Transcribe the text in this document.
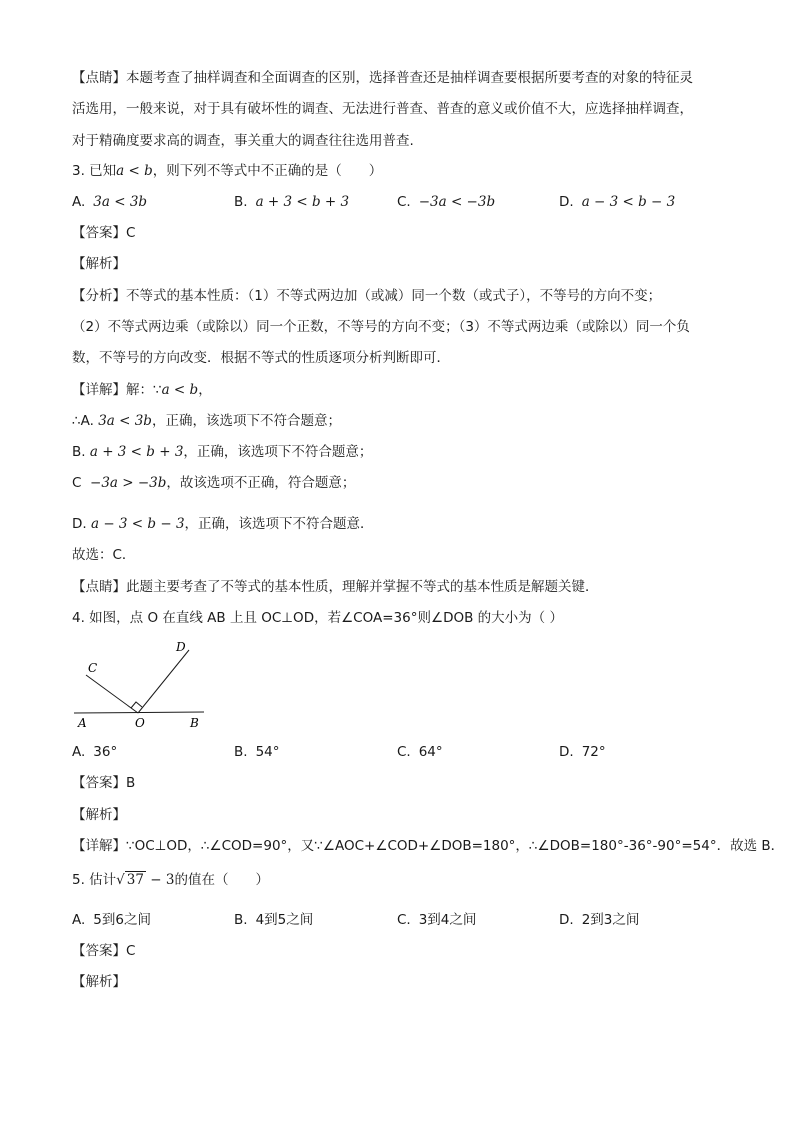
【点睛】本题考查了抽样调查和全面调查的区别，选择普查还是抽样调查要根据所要考查的对象的特征灵
活选用，一般来说，对于具有破坏性的调查、无法进行普查、普查的意义或价值不大，应选择抽样调查，
对于精确度要求高的调查，事关重大的调查往往选用普查.
3. 已知a < b，则下列不等式中不正确的是（　　）
A. 3a < 3b	B. a + 3 < b + 3	C. −3a < −3b	D. a − 3 < b − 3
【答案】C
【解析】
【分析】不等式的基本性质：（1）不等式两边加（或减）同一个数（或式子），不等号的方向不变；
（2）不等式两边乘（或除以）同一个正数，不等号的方向不变；（3）不等式两边乘（或除以）同一个负
数，不等号的方向改变．根据不等式的性质逐项分析判断即可．
【详解】解：∵a < b，
∴A. 3a < 3b，正确，该选项下不符合题意；
B. a + 3 < b + 3，正确，该选项下不符合题意；
C −3a > −3b，故该选项不正确，符合题意；
D. a − 3 < b − 3，正确，该选项下不符合题意．
故选：C．
【点睛】此题主要考查了不等式的基本性质，理解并掌握不等式的基本性质是解题关键．
4. 如图，点 O 在直线 AB 上且 OC⊥OD，若∠COA=36°则∠DOB 的大小为（ ）
A	O	B
C
D
A. 36°	B. 54°	C. 64°	D. 72°
【答案】B
【解析】
【详解】∵OC⊥OD，∴∠COD=90°，又∵∠AOC+∠COD+∠DOB=180°，∴∠DOB=180°-36°-90°=54°．故选 B．
5. 估计√ 37 − 3的值在（　　）
A. 5到6之间	B. 4到5之间	C. 3到4之间	D. 2到3之间
【答案】C
【解析】
